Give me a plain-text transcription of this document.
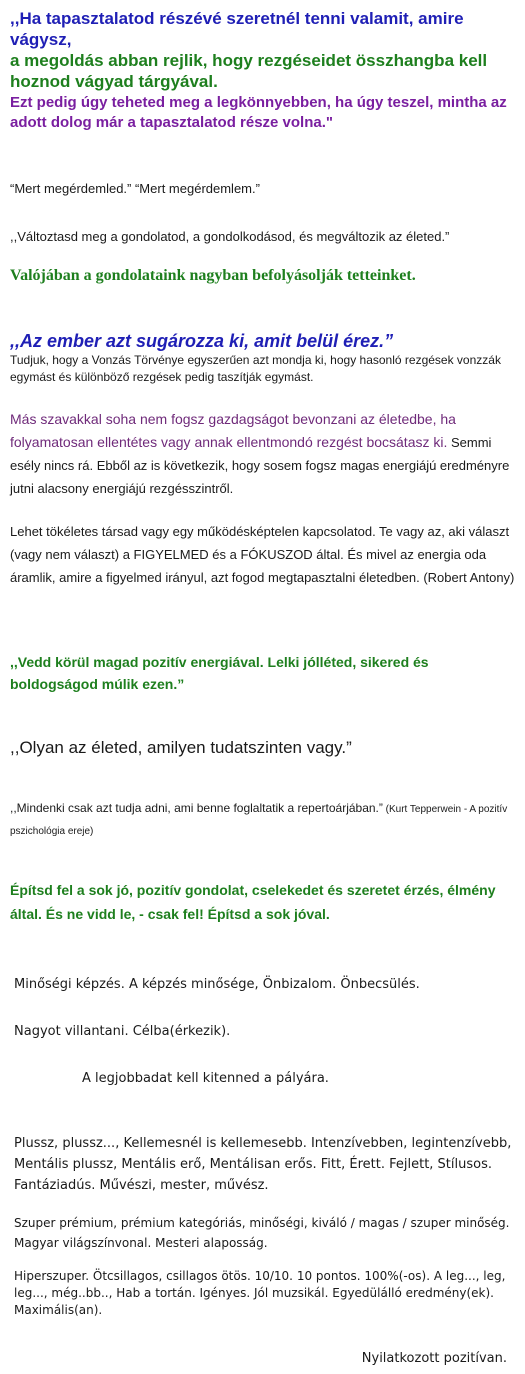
,,Ha tapasztalatod részévé szeretnél tenni valamit, amire vágysz,
a megoldás abban rejlik, hogy rezgéseidet összhangba kell hoznod vágyad tárgyával.
Ezt pedig úgy teheted meg a legkönnyebben, ha úgy teszel, mintha az adott dolog már a tapasztalatod része volna."

“Mert megérdemled.” “Mert megérdemlem.”

,,Változtasd meg a gondolatod, a gondolkodásod, és megváltozik az életed.”

Valójában a gondolataink nagyban befolyásolják tetteinket.

,,Az ember azt sugározza ki, amit belül érez.”
Tudjuk, hogy a Vonzás Törvénye egyszerűen azt mondja ki, hogy hasonló rezgések vonzzák egymást és különböző rezgések pedig taszítják egymást.

Más szavakkal soha nem fogsz gazdagságot bevonzani az életedbe, ha folyamatosan ellentétes vagy annak ellentmondó rezgést bocsátasz ki. Semmi esély nincs rá. Ebből az is következik, hogy sosem fogsz magas energiájú eredményre jutni alacsony energiájú rezgésszintről.

Lehet tökéletes társad vagy egy működésképtelen kapcsolatod. Te vagy az, aki választ (vagy nem választ) a FIGYELMED és a FÓKUSZOD által. És mivel az energia oda áramlik, amire a figyelmed irányul, azt fogod megtapasztalni életedben. (Robert Antony)

,,Vedd körül magad pozitív energiával. Lelki jólléted, sikered és boldogságod múlik ezen.”

,,Olyan az életed, amilyen tudatszinten vagy.”

,,Mindenki csak azt tudja adni, ami benne foglaltatik a repertoárjában.” (Kurt Tepperwein - A pozitív pszichológia ereje)

Építsd fel a sok jó, pozitív gondolat, cselekedet és szeretet érzés, élmény által. És ne vidd le, - csak fel! Építsd a sok jóval.

Minőségi képzés. A képzés minősége, Önbizalom. Önbecsülés.

Nagyot villantani. Célba(érkezik).

A legjobbadat kell kitenned a pályára.

Plussz, plussz..., Kellemesnél is kellemesebb. Intenzívebben, legintenzívebb, Mentális plussz, Mentális erő, Mentálisan erős. Fitt, Érett. Fejlett, Stílusos. Fantáziadús. Művészi, mester, művész.

Szuper prémium, prémium kategóriás, minőségi, kiváló / magas / szuper minőség. Magyar világszínvonal. Mesteri alaposság.

Hiperszuper. Ötcsillagos, csillagos ötös. 10/10. 10 pontos. 100%(-os). A leg..., leg, leg..., még..bb.., Hab a tortán. Igényes. Jól muzsikál. Egyedülálló eredmény(ek). Maximális(an).

Nyilatkozott pozitívan.
